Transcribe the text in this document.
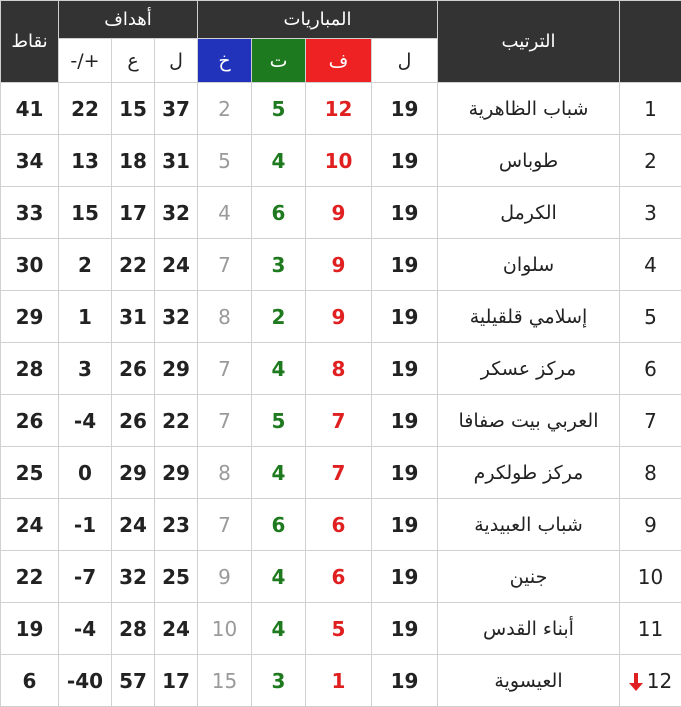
	الترتيب	المباريات				أهداف			نقاط
		ل	ف	ت	خ	ل	ع	+/-	
1	شباب الظاهرية	19	12	5	2	37	15	22	41
2	طوباس	19	10	4	5	31	18	13	34
3	الكرمل	19	9	6	4	32	17	15	33
4	سلوان	19	9	3	7	24	22	2	30
5	إسلامي قلقيلية	19	9	2	8	32	31	1	29
6	مركز عسكر	19	8	4	7	29	26	3	28
7	العربي بيت صفافا	19	7	5	7	22	26	4-	26
8	مركز طولكرم	19	7	4	8	29	29	0	25
9	شباب العبيدية	19	6	6	7	23	24	1-	24
10	جنين	19	6	4	9	25	32	7-	22
11	أبناء القدس	19	5	4	10	24	28	4-	19
12	العيسوية	19	1	3	15	17	57	40-	6
